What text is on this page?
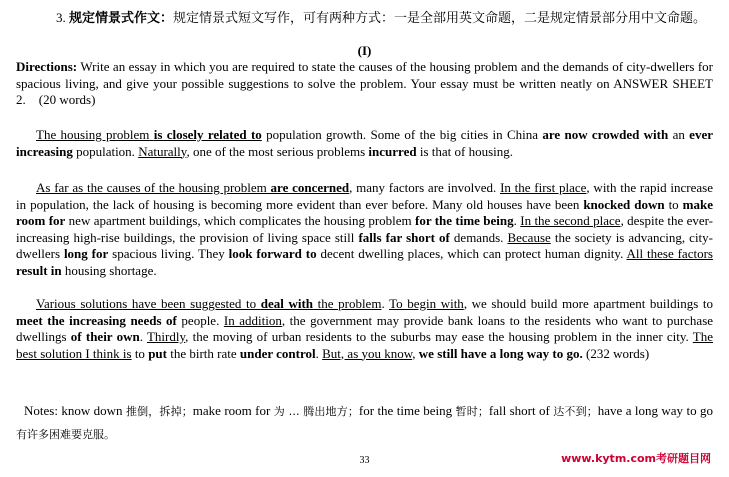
3. 规定情景式作文：规定情景式短文写作，可有两种方式：一是全部用英文命题，二是规定情景部分用中文命题。
(I)
Directions: Write an essay in which you are required to state the causes of the housing problem and the demands of city-dwellers for spacious living, and give your possible suggestions to solve the problem. Your essay must be written neatly on ANSWER SHEET 2.    (20 words)
The housing problem is closely related to population growth. Some of the big cities in China are now crowded with an ever increasing population. Naturally, one of the most serious problems incurred is that of housing.
As far as the causes of the housing problem are concerned, many factors are involved. In the first place, with the rapid increase in population, the lack of housing is becoming more evident than ever before. Many old houses have been knocked down to make room for new apartment buildings, which complicates the housing problem for the time being. In the second place, despite the ever-increasing high-rise buildings, the provision of living space still falls far short of demands. Because the society is advancing, city-dwellers long for spacious living. They look forward to decent dwelling places, which can protect human dignity. All these factors result in housing shortage.
Various solutions have been suggested to deal with the problem. To begin with, we should build more apartment buildings to meet the increasing needs of people. In addition, the government may provide bank loans to the residents who want to purchase dwellings of their own. Thirdly, the moving of urban residents to the suburbs may ease the housing problem in the inner city. The best solution I think is to put the birth rate under control. But, as you know, we still have a long way to go. (232 words)
Notes: know down 推倒，拆掉；make room for 为 … 腾出地方；for the time being 暂时；fall short of 达不到；have a long way to go 有许多困难要克服。
33	www.kytm.com考研题目网
